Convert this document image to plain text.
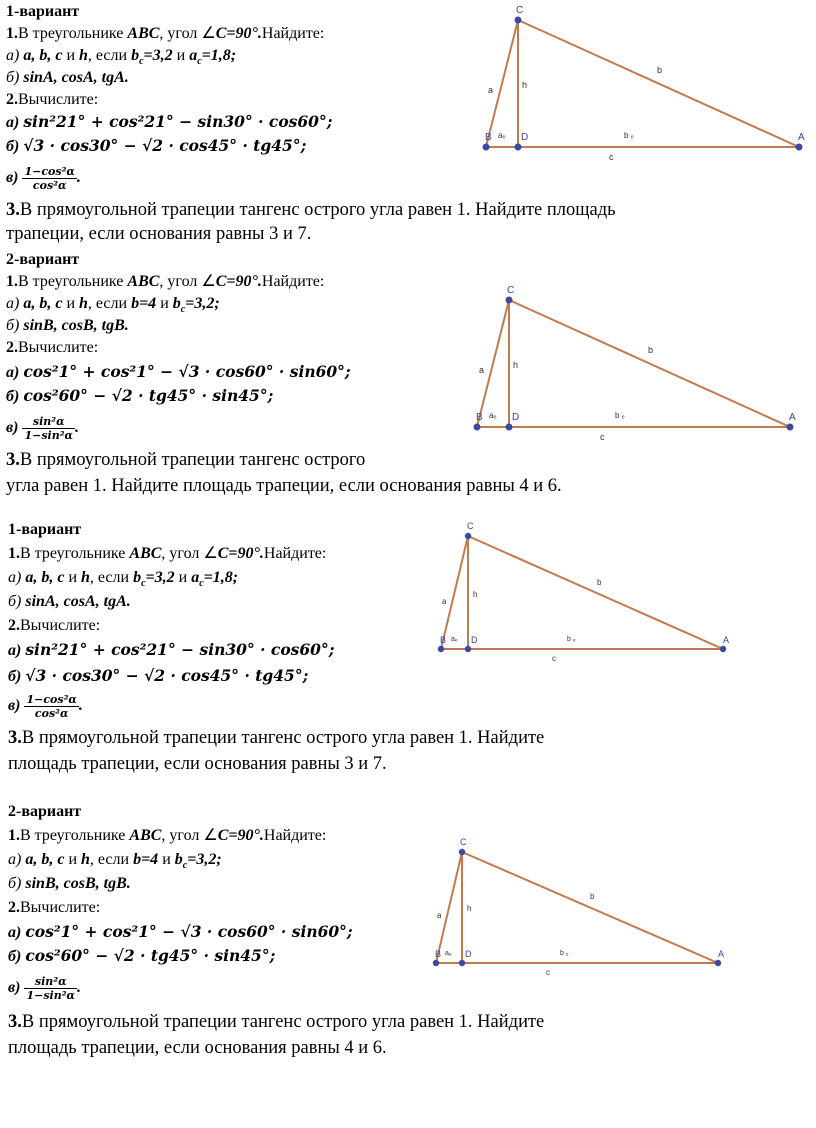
1-вариант
1.В треугольнике ABC, угол ∠C=90°.Найдите:
а) a, b, c и h, если $b_c=3,2$ и $a_c=1,8$;
б) sinA, cosA, tgA.
2.Вычислите:
а) sin²21° + cos²21° − sin30° · cos60°;
б) √3 · cos30° − √2 · cos45° · tg45°;
$в) \frac{\text{1−cos²α}}{\text{cos²α}}$ .
3.В прямоугольной трапеции тангенс острого угла равен 1. Найдите площадь
трапеции, если основания равны 3 и 7.
2-вариант
1.В треугольнике ABC, угол ∠C=90°.Найдите:
а) a, b, c и h, если b=4 и $b_c=3,2$;
б) sinB, cosB, tgB.
2.Вычислите:
а) cos²1° + cos²1° − √3 · cos60° · sin60°;
б) cos²60° − √2 · tg45° · sin45°;
$в) \frac{\text{sin²α}}{\text{1−sin²α}}$ .
3.В прямоугольной трапеции тангенс острого
угла равен 1. Найдите площадь трапеции, если основания равны 4 и 6.
1-вариант
1.В треугольнике ABC, угол ∠C=90°.Найдите:
а) a, b, c и h, если $b_c=3,2$ и $a_c=1,8$;
б) sinA, cosA, tgA.
2.Вычислите:
а) sin²21° + cos²21° − sin30° · cos60°;
б) √3 · cos30° − √2 · cos45° · tg45°;
$в) \frac{\text{1−cos²α}}{\text{cos²α}}$ .
3.В прямоугольной трапеции тангенс острого угла равен 1. Найдите
площадь трапеции, если основания равны 3 и 7.
2-вариант
1.В треугольнике ABC, угол ∠C=90°.Найдите:
а) a, b, c и h, если b=4 и $b_c=3,2$;
б) sinB, cosB, tgB.
2.Вычислите:
а) cos²1° + cos²1° − √3 · cos60° · sin60°;
б) cos²60° − √2 · tg45° · sin45°;
$в) \frac{\text{sin²α}}{\text{1−sin²α}}$ .
3.В прямоугольной трапеции тангенс острого угла равен 1. Найдите
площадь трапеции, если основания равны 4 и 6.
C
B	D	A
a
b
c
h
aₑ	b ₑ
C
B	D	A
a
b
c
h
aₑ	b ₑ
C
B	D	A
a
b
c
h
aₑ	b ₑ
C
B	D	A
a
b
c
h
aₑ	b ₑ
